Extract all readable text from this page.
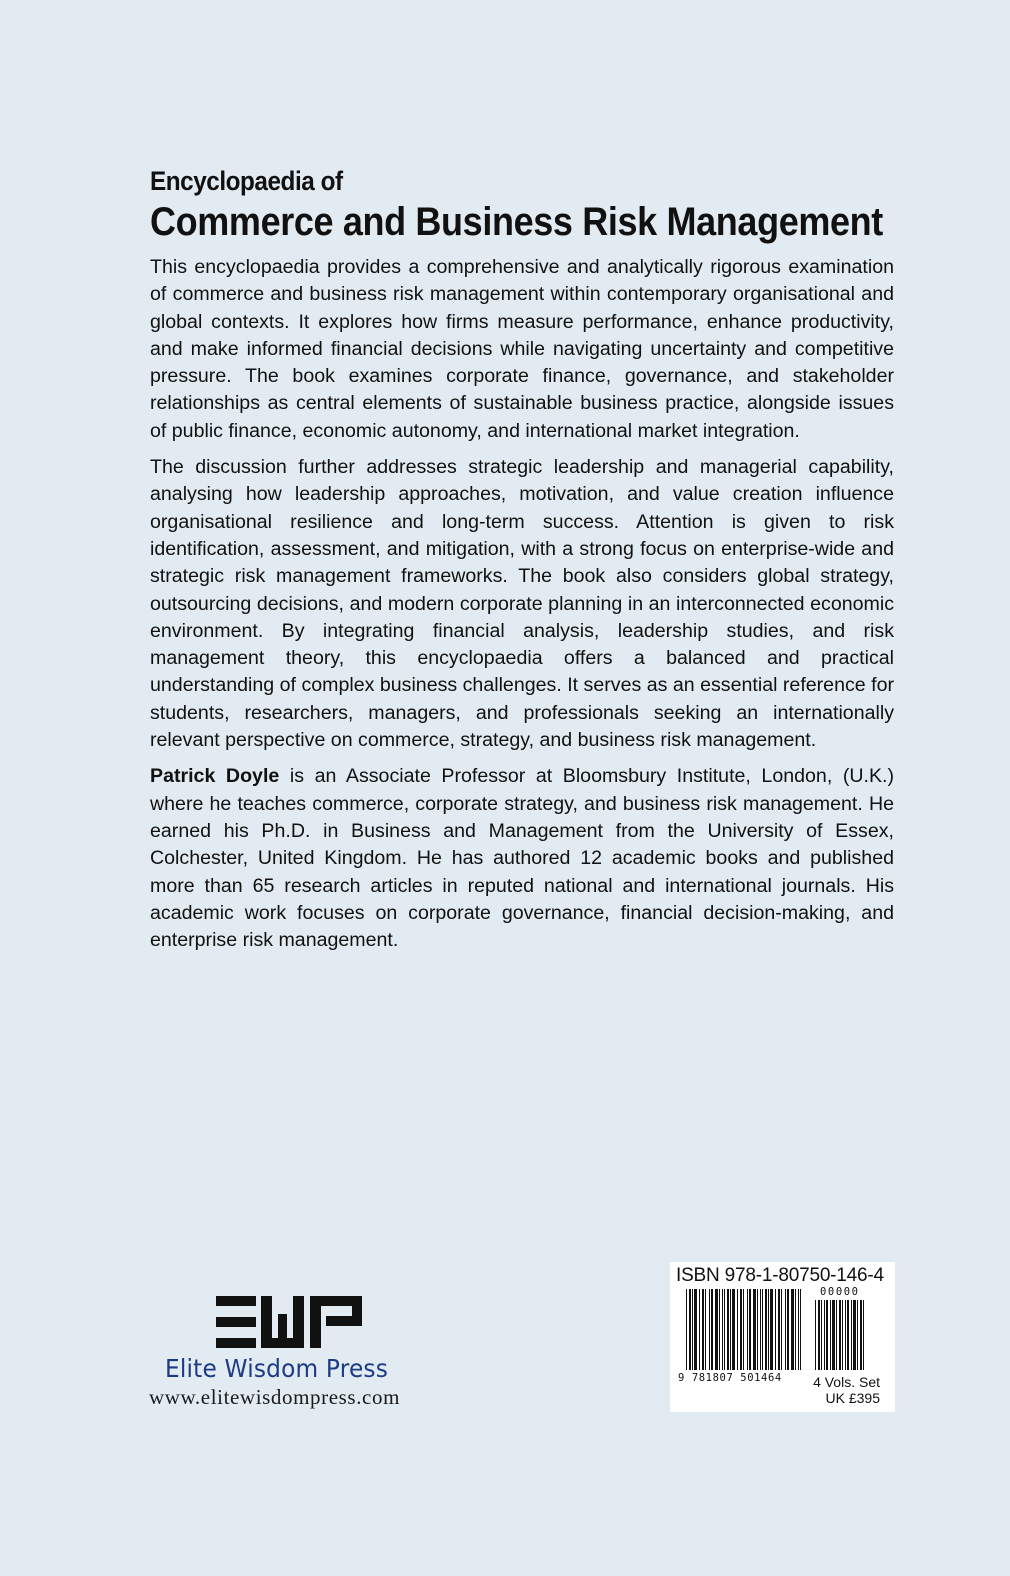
Encyclopaedia of
Commerce and Business Risk Management

This encyclopaedia provides a comprehensive and analytically rigorous examination of commerce and business risk management within contemporary organisational and global contexts. It explores how firms measure performance, enhance productivity, and make informed financial decisions while navigating uncertainty and competitive pressure. The book examines corporate finance, governance, and stakeholder relationships as central elements of sustainable business practice, alongside issues of public finance, economic autonomy, and international market integration.

The discussion further addresses strategic leadership and managerial capability, analysing how leadership approaches, motivation, and value creation influence organisational resilience and long-term success. Attention is given to risk identification, assessment, and mitigation, with a strong focus on enterprise-wide and strategic risk management frameworks. The book also considers global strategy, outsourcing decisions, and modern corporate planning in an interconnected economic environment. By integrating financial analysis, leadership studies, and risk management theory, this encyclopaedia offers a balanced and practical understanding of complex business challenges. It serves as an essential reference for students, researchers, managers, and professionals seeking an internationally relevant perspective on commerce, strategy, and business risk management.

Patrick Doyle is an Associate Professor at Bloomsbury Institute, London, (U.K.) where he teaches commerce, corporate strategy, and business risk management. He earned his Ph.D. in Business and Management from the University of Essex, Colchester, United Kingdom. He has authored 12 academic books and published more than 65 research articles in reputed national and international journals. His academic work focuses on corporate governance, financial decision-making, and enterprise risk management.

Elite Wisdom Press
www.elitewisdompress.com
ISBN 978-1-80750-146-4
00000
9 781807 501464 4 Vols. Set
UK £395
